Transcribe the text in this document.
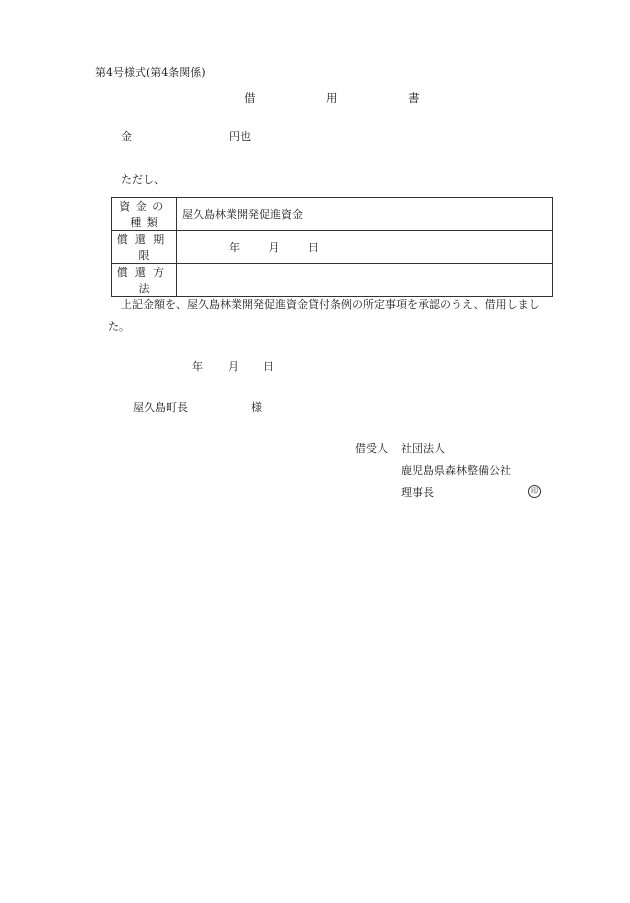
第4号様式(第4条関係)
借	用	書
金	円也
ただし、
資金の種類	屋久島林業開発促進資金
償還期限	年 月 日
償還方法	
上記金額を、屋久島林業開発促進資金貸付条例の所定事項を承認のうえ、借用しました。
年 月 日
屋久島町長	様
借受人 社団法人
鹿児島県森林整備公社
理事長	印
